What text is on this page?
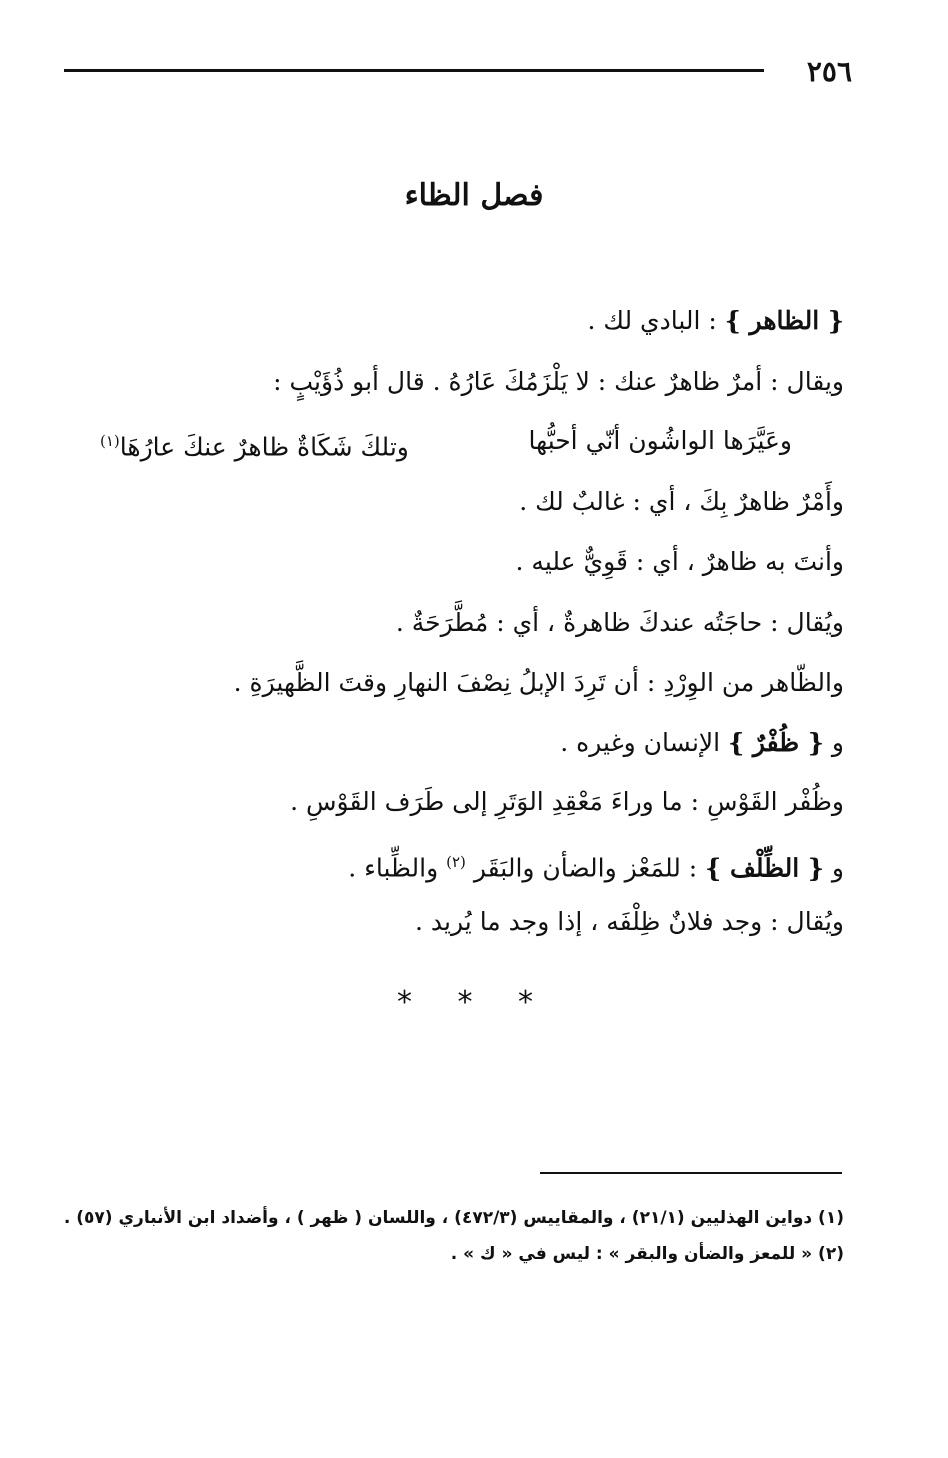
٢٥٦
فصل الظاء
{ الظاهر } : البادي لك .
ويقال : أمرٌ ظاهرٌ عنك : لا يَلْزَمُكَ عَارُهُ . قال أبو ذُؤَيْبٍ :
وعَيَّرَها الواشُون أنّي أحبُّها
وتلكَ شَكَاةٌ ظاهرٌ عنكَ عارُهَا$^{(١)}$
وأَمْرٌ ظاهرٌ بِكَ ، أي : غالبٌ لك .
وأنتَ به ظاهرٌ ، أي : قَوِيٌّ عليه .
ويُقال : حاجَتُه عندكَ ظاهرةٌ ، أي : مُطَّرَحَةٌ .
والظّاهر من الوِرْدِ : أن تَرِدَ الإبلُ نِصْفَ النهارِ وقتَ الظَّهيرَةِ .
و { ظُفْرٌ } الإنسان وغيره .
وظُفْر القَوْسِ : ما وراءَ مَعْقِدِ الوَتَرِ إلى طَرَف القَوْسِ .
و { الظِّلْف } : للمَعْز والضأن والبَقَر $^{(٢)}$ والظِّباء .
ويُقال : وجد فلانٌ ظِلْفَه ، إذا وجد ما يُريد .
* * *
(١) دواين الهذليين (٢١/١) ، والمقاييس (٤٧٢/٣) ، واللسان ( ظهر ) ، وأضداد ابن الأنباري (٥٧) .
(٢) « للمعز والضأن والبقر » : ليس في « ك » .
